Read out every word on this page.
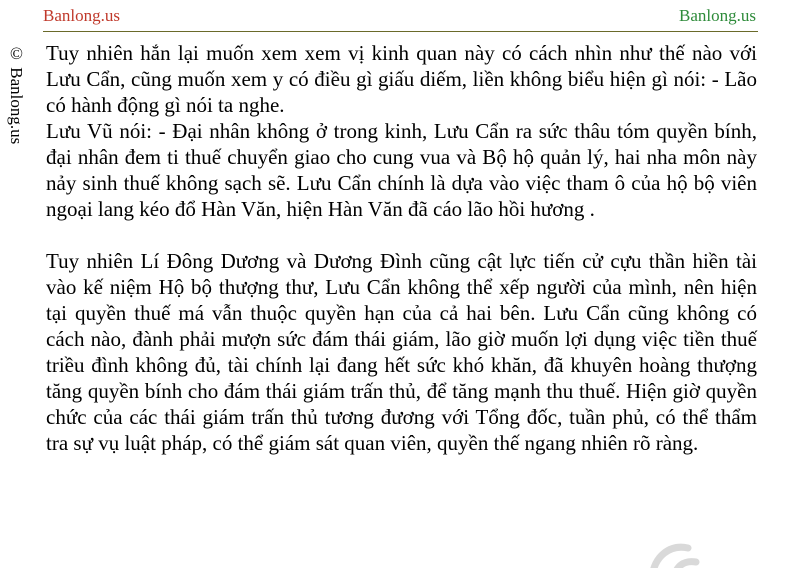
Banlong.us	Banlong.us
© Banlong.us Tuy nhiên hắn lại muốn xem xem vị kinh quan này có cách nhìn như thế nào với Lưu Cẩn, cũng muốn xem y có điều gì giấu diếm, liền không biểu hiện gì nói: - Lão có hành động gì nói ta nghe.

Lưu Vũ nói: - Đại nhân không ở trong kinh, Lưu Cẩn ra sức thâu tóm quyền bính, đại nhân đem ti thuế chuyển giao cho cung vua và Bộ hộ quản lý, hai nha môn này nảy sinh thuế không sạch sẽ. Lưu Cẩn chính là dựa vào việc tham ô của hộ bộ viên ngoại lang kéo đổ Hàn Văn, hiện Hàn Văn đã cáo lão hồi hương .

Tuy nhiên Lí Đông Dương và Dương Đình cũng cật lực tiến cử cựu thần hiền tài vào kế niệm Hộ bộ thượng thư, Lưu Cẩn không thể xếp người của mình, nên hiện tại quyền thuế má vẫn thuộc quyền hạn của cả hai bên. Lưu Cẩn cũng không có cách nào, đành phải mượn sức đám thái giám, lão giờ muốn lợi dụng việc tiền thuế triều đình không đủ, tài chính lại đang hết sức khó khăn, đã khuyên hoàng thượng tăng quyền bính cho đám thái giám trấn thủ, để tăng mạnh thu thuế. Hiện giờ quyền chức của các thái giám trấn thủ tương đương với Tổng đốc, tuần phủ, có thể thẩm tra sự vụ luật pháp, có thể giám sát quan viên, quyền thế ngang nhiên rõ ràng.
